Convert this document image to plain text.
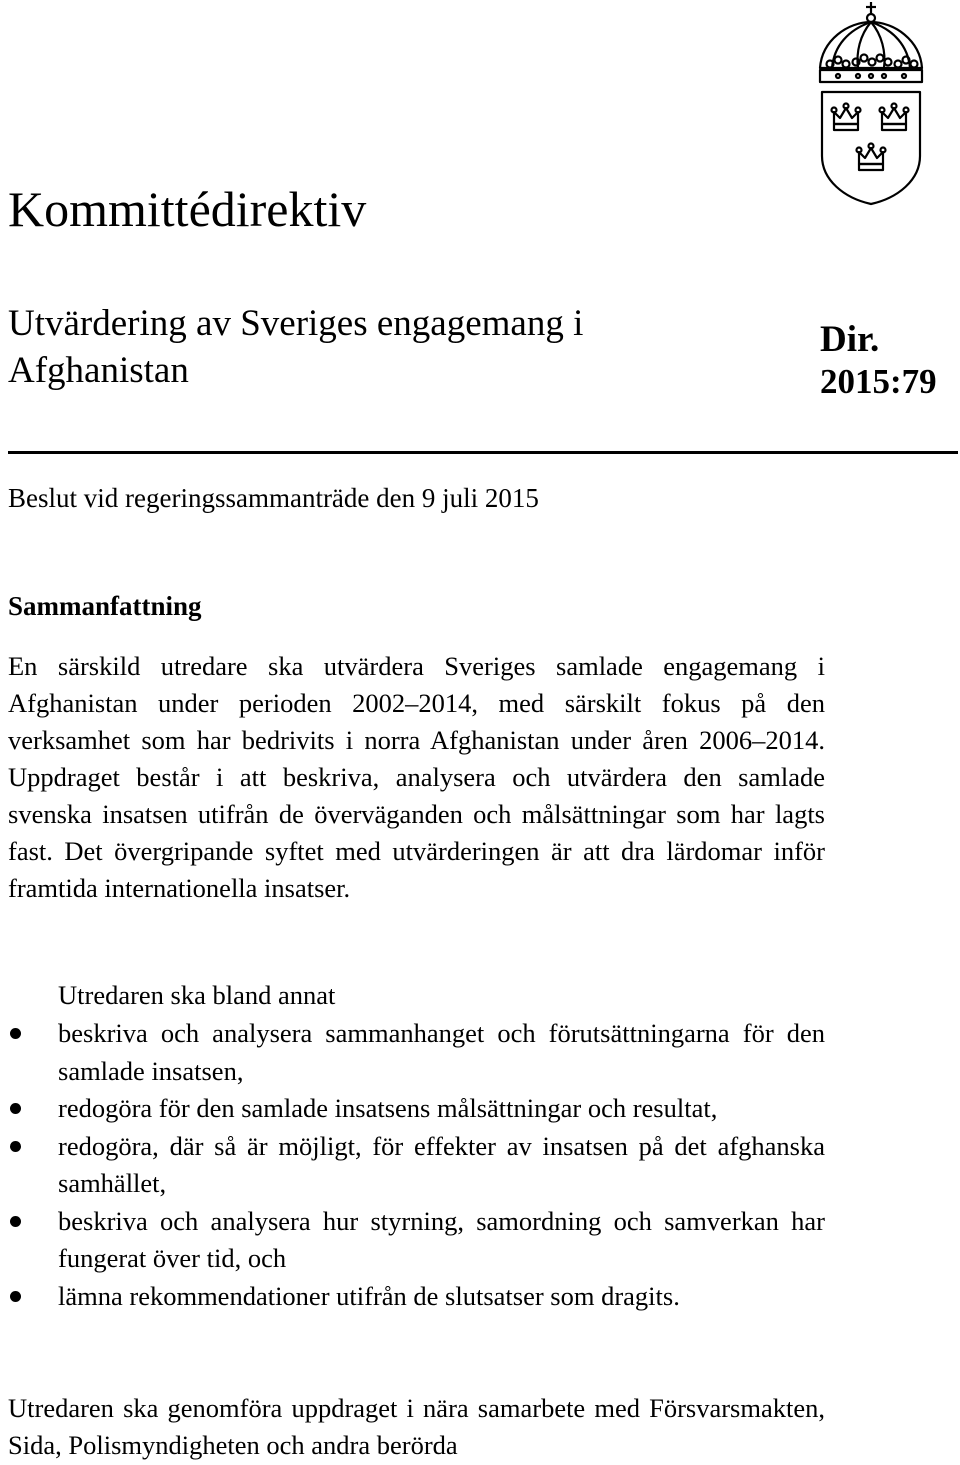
Kommittédirektiv
Utvärdering av Sveriges engagemang i Afghanistan
Dir.
2015:79
Beslut vid regeringssammanträde den 9 juli 2015
Sammanfattning

En särskild utredare ska utvärdera Sveriges samlade engagemang i Afghanistan under perioden 2002–2014, med särskilt fokus på den verksamhet som har bedrivits i norra Afghanistan under åren 2006–2014. Uppdraget består i att beskriva, analysera och utvärdera den samlade svenska insatsen utifrån de överväganden och målsättningar som har lagts fast. Det övergripande syftet med utvärderingen är att dra lärdomar inför framtida internationella insatser.

Utredaren ska bland annat
beskriva och analysera sammanhanget och förutsättningarna för den samlade insatsen,
redogöra för den samlade insatsens målsättningar och resultat,
redogöra, där så är möjligt, för effekter av insatsen på det afghanska samhället,
beskriva och analysera hur styrning, samordning och samverkan har fungerat över tid, och
lämna rekommendationer utifrån de slutsatser som dragits.

Utredaren ska genomföra uppdraget i nära samarbete med Försvarsmakten, Sida, Polismyndigheten och andra berörda
